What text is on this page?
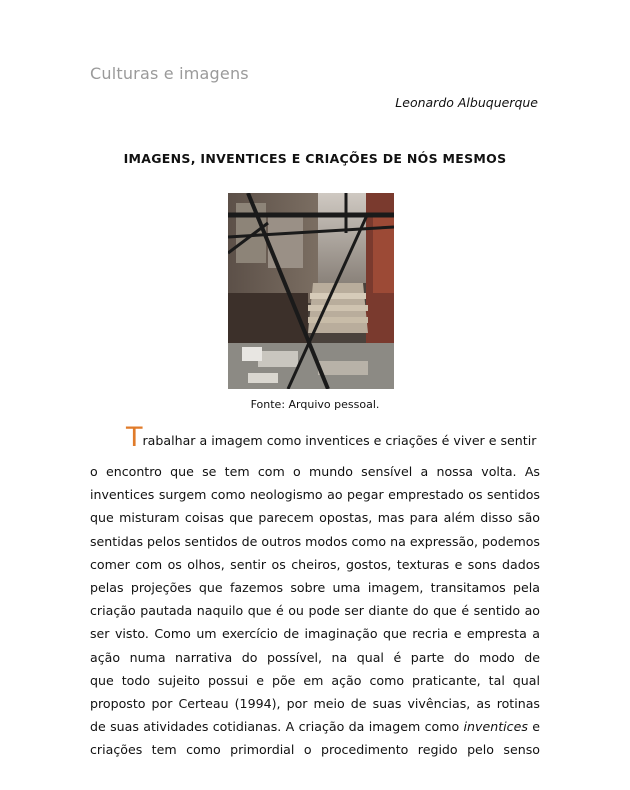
Culturas e imagens
Leonardo Albuquerque
IMAGENS, INVENTICES E CRIAÇÕES DE NÓS MESMOS
Fonte: Arquivo pessoal.
Trabalhar a imagem como inventices e criações é viver e sentir
o encontro que se tem com o mundo sensível a nossa volta. As
inventices surgem como neologismo ao pegar emprestado os sentidos
que misturam coisas que parecem opostas, mas para além disso são
sentidas pelos sentidos de outros modos como na expressão, podemos
comer com os olhos, sentir os cheiros, gostos, texturas e sons dados
pelas projeções que fazemos sobre uma imagem, transitamos pela
criação pautada naquilo que é ou pode ser diante do que é sentido ao
ser visto. Como um exercício de imaginação que recria e empresta a
ação numa narrativa do possível, na qual é parte do modo de
que todo sujeito possui e põe em ação como praticante, tal qual
proposto por Certeau (1994), por meio de suas vivências, as rotinas
de suas atividades cotidianas. A criação da imagem como inventices e
criações tem como primordial o procedimento regido pelo senso
